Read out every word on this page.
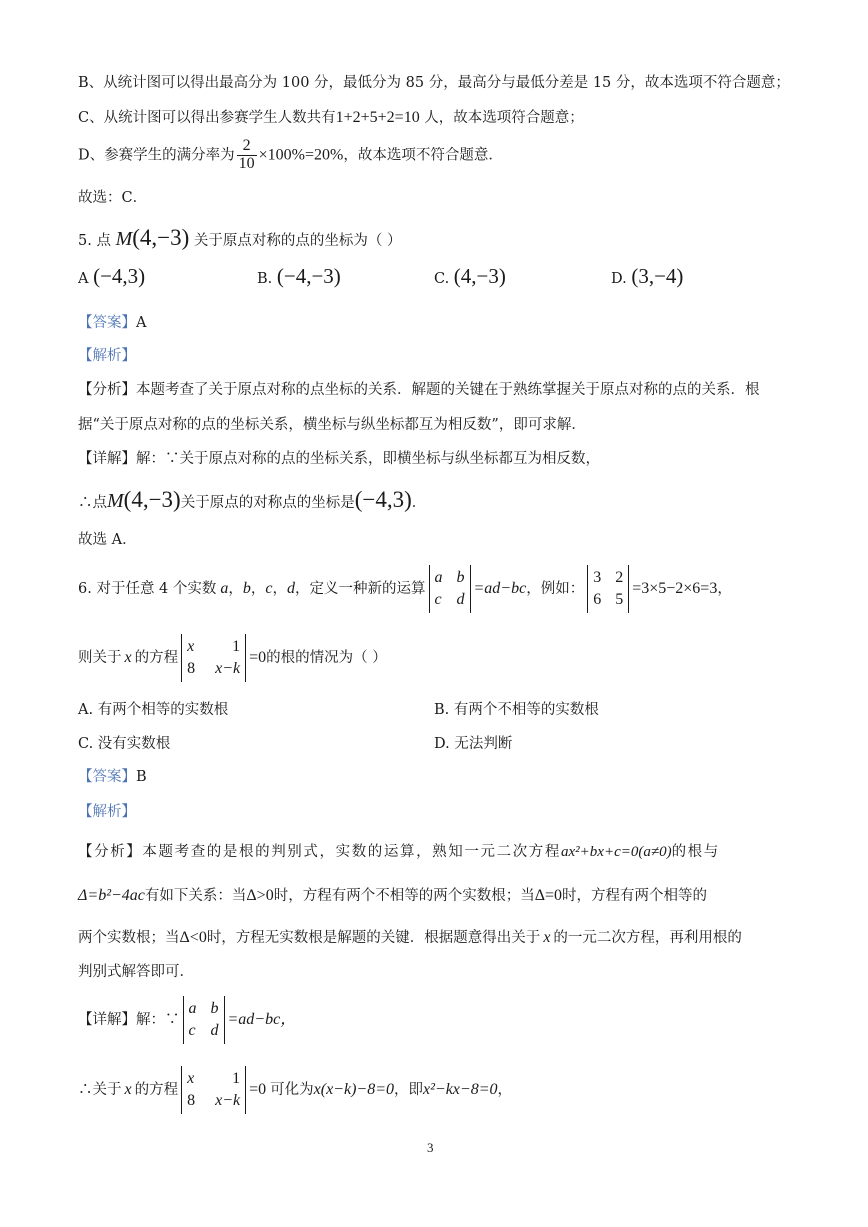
B、从统计图可以得出最高分为 100 分，最低分为 85 分，最高分与最低分差是 15 分，故本选项不符合题意；
C、从统计图可以得出参赛学生人数共有1+2+5+2=10 人，故本选项符合题意；
D、参赛学生的满分率为 $\frac{2}{10} \times 100\%=20\%$，故本选项不符合题意．
故选：C．
5. 点 M(4,−3) 关于原点对称的点的坐标为（ ）
A (−4,3)	B. (−4,−3)	C. (4,−3)	D. (3,−4)
【答案】A
【解析】
【分析】本题考查了关于原点对称的点坐标的关系．解题的关键在于熟练掌握关于原点对称的点的关系．根
据“关于原点对称的点的坐标关系，横坐标与纵坐标都互为相反数”，即可求解．
【详解】解：∵关于原点对称的点的坐标关系，即横坐标与纵坐标都互为相反数，
∴点M(4,−3)关于原点的对称点的坐标是(−4,3)．
故选 A．
6. 对于任意 4 个实数 a ， b ， c ， d ，定义一种新的运算
a b
c d
=ad−bc ，例如：
3 2
6 5
=3×5−2×6=3 ，
则关于 x 的方程
x 1
8 x−k
=0 的根的情况为（ ）
A. 有两个相等的实数根	B. 有两个不相等的实数根
C. 没有实数根	D. 无法判断
【答案】B
【解析】
【分析】本题考查的是根的判别式，实数的运算，熟知一元二次方程ax²+bx+c=0(a≠0)的根与
Δ=b²−4ac有如下关系：当Δ>0时，方程有两个不相等的两个实数根；当Δ=0时，方程有两个相等的
两个实数根；当Δ<0时，方程无实数根是解题的关键．根据题意得出关于 x 的一元二次方程，再利用根的
判别式解答即可．
【详解】 解：∵
a b
c d
=ad−bc，
∴关于 x 的方程
x 1
8 x−k
=0 可化为 x(x−k)−8=0 ，即 x²−kx−8=0 ，
3
